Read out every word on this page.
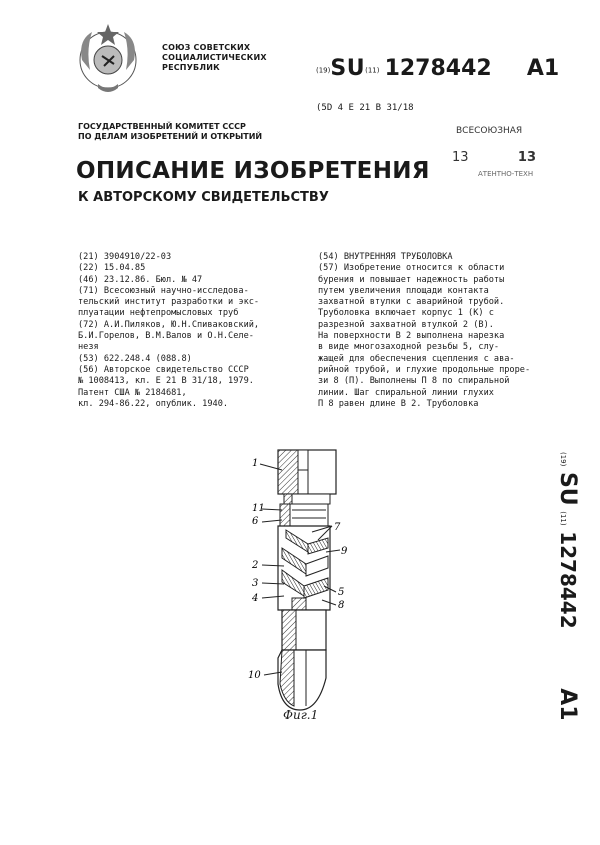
СОЮЗ СОВЕТСКИХ
СОЦИАЛИСТИЧЕСКИХ
РЕСПУБЛИК	(19)SU(11) 1278442 A1
(5D 4 E 21 B 31/18
ГОСУДАРСТВЕННЫЙ КОМИТЕТ СССР
ПО ДЕЛАМ ИЗОБРЕТЕНИЙ И ОТКРЫТИЙ
ВСЕСОЮЗНАЯ
13	13
АТЕНТНО-ТЕХН
ОПИСАНИЕ ИЗОБРЕТЕНИЯ
К АВТОРСКОМУ СВИДЕТЕЛЬСТВУ
(21) 3904910/22-03
(22) 15.04.85
(46) 23.12.86. Бюл. № 47
(71) Всесоюзный научно-исследова-
тельский институт разработки и экс-
плуатации нефтепромысловых труб
(72) А.И.Пиляков, Ю.Н.Спиваковский,
Б.И.Горелов, В.М.Валов и О.Н.Селе-
незя
(53) 622.248.4 (088.8)
(56) Авторское свидетельство СССР
№ 1008413, кл. Е 21 В 31/18, 1979.
Патент США № 2184681,
кл. 294-86.22, опублик. 1940.
(54) ВНУТРЕННЯЯ ТРУБОЛОВКА
(57) Изобретение относится к области
бурения и повышает надежность работы
путем увеличения площади контакта
захватной втулки с аварийной трубой.
Труболовка включает корпус 1 (К) с
разрезной захватной втулкой 2 (В).
На поверхности В 2 выполнена нарезка
в виде многозаходной резьбы 5, слу-
жащей для обеспечения сцепления с ава-
рийной трубой, и глухие продольные проре-
зи 8 (П). Выполнены П 8 по спиральной
линии. Шаг спиральной линии глухих
П 8 равен длине В 2. Труболовка
(19) SU (11) 1278442 A1
1
11
6
7
9
2
3
4
5
8
10
Фиг.1
